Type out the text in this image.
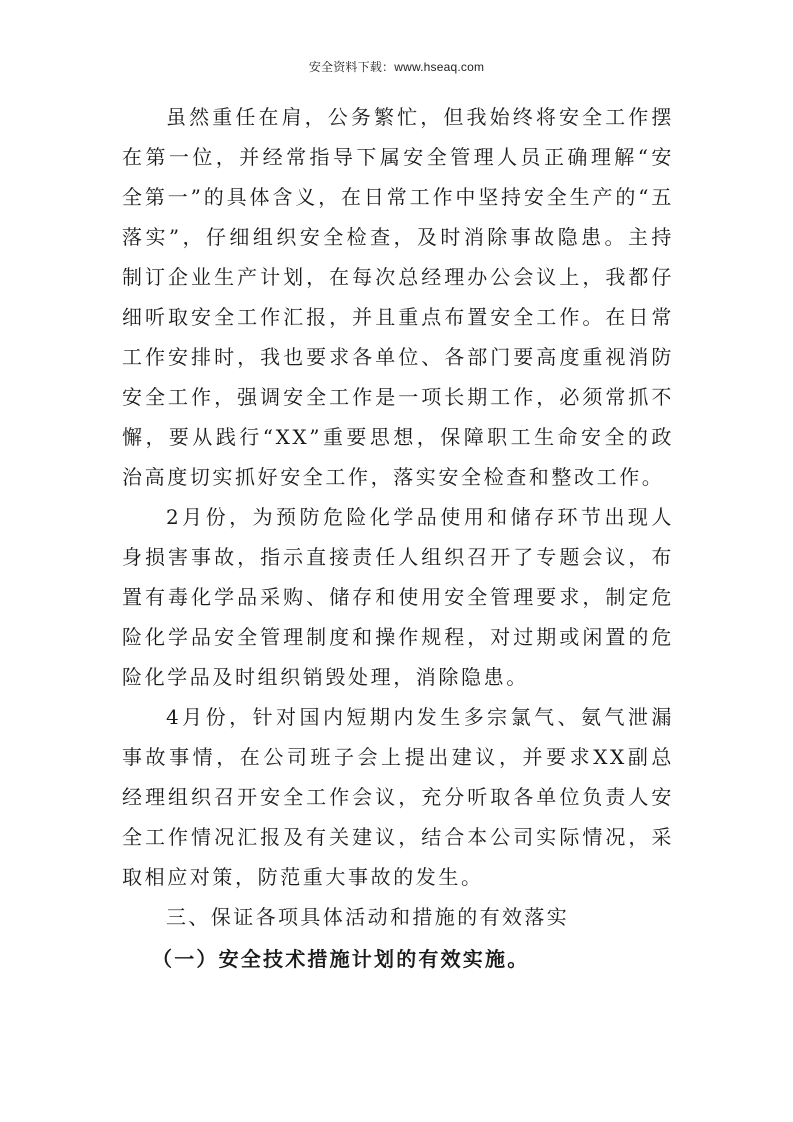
安全资料下载：www.hseaq.com

虽然重任在肩，公务繁忙，但我始终将安全工作摆在第一位，并经常指导下属安全管理人员正确理解“安全第一”的具体含义，在日常工作中坚持安全生产的“五落实”，仔细组织安全检查，及时消除事故隐患。主持制订企业生产计划，在每次总经理办公会议上，我都仔细听取安全工作汇报，并且重点布置安全工作。在日常工作安排时，我也要求各单位、各部门要高度重视消防安全工作，强调安全工作是一项长期工作，必须常抓不懈，要从践行“XX”重要思想，保障职工生命安全的政治高度切实抓好安全工作，落实安全检查和整改工作。

2月份，为预防危险化学品使用和储存环节出现人身损害事故，指示直接责任人组织召开了专题会议，布置有毒化学品采购、储存和使用安全管理要求，制定危险化学品安全管理制度和操作规程，对过期或闲置的危险化学品及时组织销毁处理，消除隐患。

4月份，针对国内短期内发生多宗氯气、氨气泄漏事故事情，在公司班子会上提出建议，并要求XX副总经理组织召开安全工作会议，充分听取各单位负责人安全工作情况汇报及有关建议，结合本公司实际情况，采取相应对策，防范重大事故的发生。

三、保证各项具体活动和措施的有效落实

（一）安全技术措施计划的有效实施。
